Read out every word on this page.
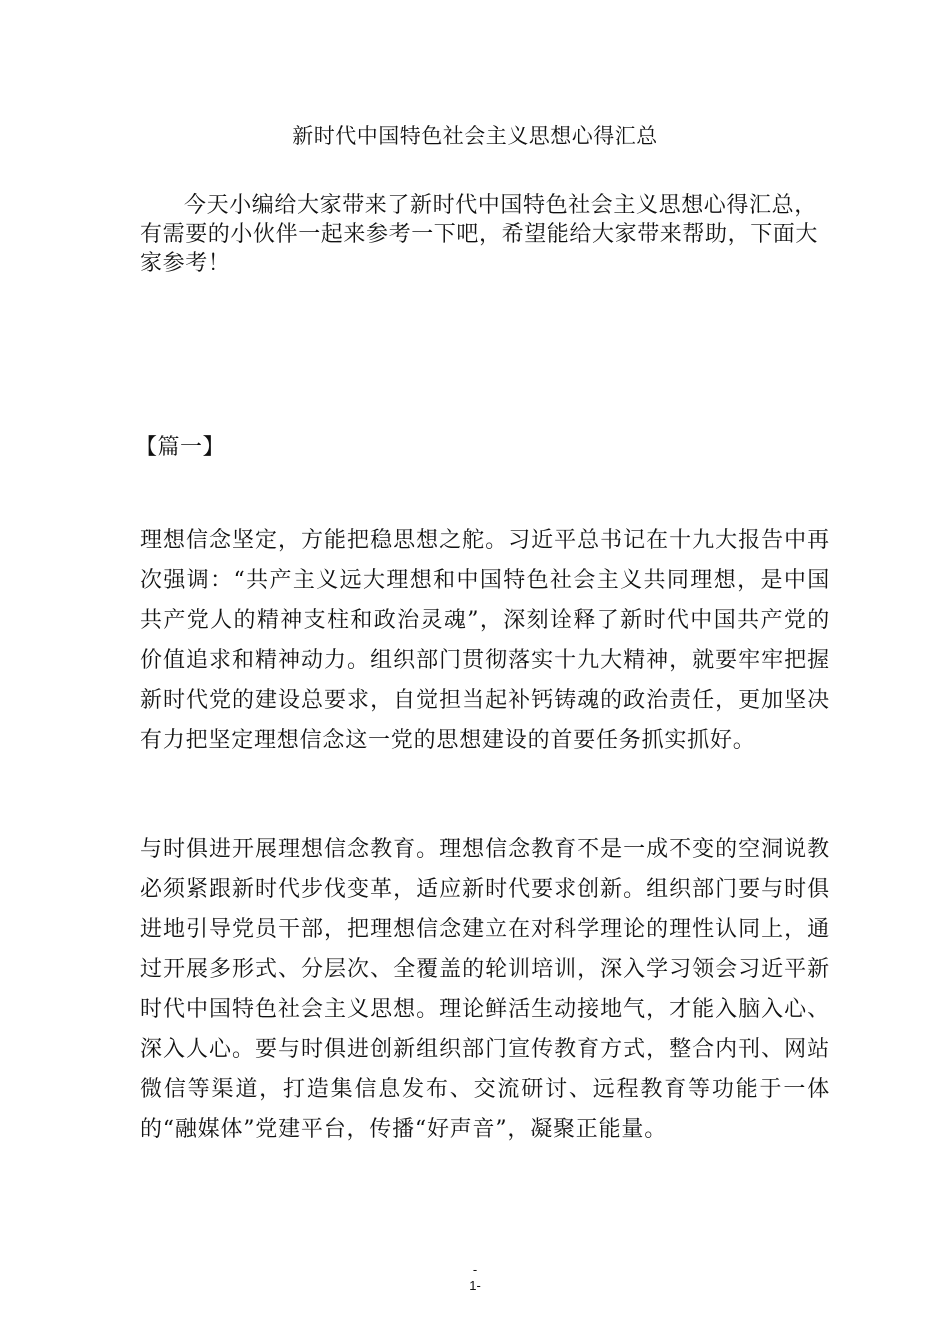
新时代中国特色社会主义思想心得汇总

今天小编给大家带来了新时代中国特色社会主义思想心得汇总，有需要的小伙伴一起来参考一下吧，希望能给大家带来帮助，下面大家参考！

【篇一】

理想信念坚定，方能把稳思想之舵。习近平总书记在十九大报告中再次强调：“共产主义远大理想和中国特色社会主义共同理想，是中国共产党人的精神支柱和政治灵魂”，深刻诠释了新时代中国共产党的价值追求和精神动力。组织部门贯彻落实十九大精神，就要牢牢把握新时代党的建设总要求，自觉担当起补钙铸魂的政治责任，更加坚决有力把坚定理想信念这一党的思想建设的首要任务抓实抓好。

与时俱进开展理想信念教育。理想信念教育不是一成不变的空洞说教必须紧跟新时代步伐变革，适应新时代要求创新。组织部门要与时俱进地引导党员干部，把理想信念建立在对科学理论的理性认同上，通过开展多形式、分层次、全覆盖的轮训培训，深入学习领会习近平新时代中国特色社会主义思想。理论鲜活生动接地气，才能入脑入心、深入人心。要与时俱进创新组织部门宣传教育方式，整合内刊、网站微信等渠道，打造集信息发布、交流研讨、远程教育等功能于一体的“融媒体”党建平台，传播“好声音”，凝聚正能量。

-
1-
